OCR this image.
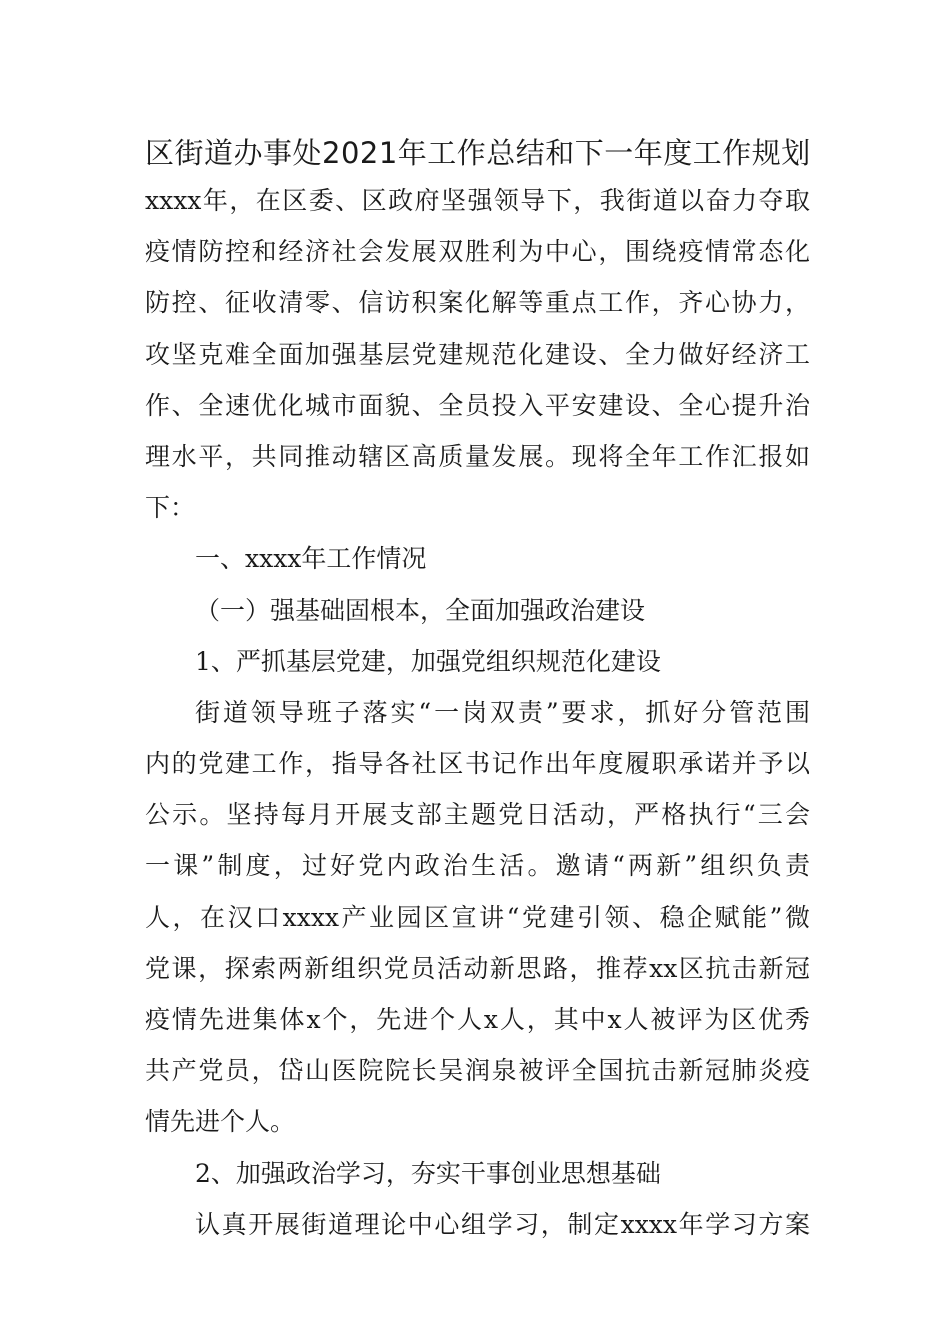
区街道办事处2021年工作总结和下一年度工作规划
xxxx年，在区委、区政府坚强领导下，我街道以奋力夺取
疫情防控和经济社会发展双胜利为中心，围绕疫情常态化
防控、征收清零、信访积案化解等重点工作，齐心协力，
攻坚克难全面加强基层党建规范化建设、全力做好经济工
作、全速优化城市面貌、全员投入平安建设、全心提升治
理水平，共同推动辖区高质量发展。现将全年工作汇报如
下：
一、xxxx年工作情况
（一）强基础固根本，全面加强政治建设
1、严抓基层党建，加强党组织规范化建设
街道领导班子落实“一岗双责”要求，抓好分管范围
内的党建工作，指导各社区书记作出年度履职承诺并予以
公示。坚持每月开展支部主题党日活动，严格执行“三会
一课”制度，过好党内政治生活。邀请“两新”组织负责
人，在汉口xxxx产业园区宣讲“党建引领、稳企赋能”微
党课，探索两新组织党员活动新思路，推荐xx区抗击新冠
疫情先进集体x个，先进个人x人，其中x人被评为区优秀
共产党员，岱山医院院长吴润泉被评全国抗击新冠肺炎疫
情先进个人。
2、加强政治学习，夯实干事创业思想基础
认真开展街道理论中心组学习，制定xxxx年学习方案
